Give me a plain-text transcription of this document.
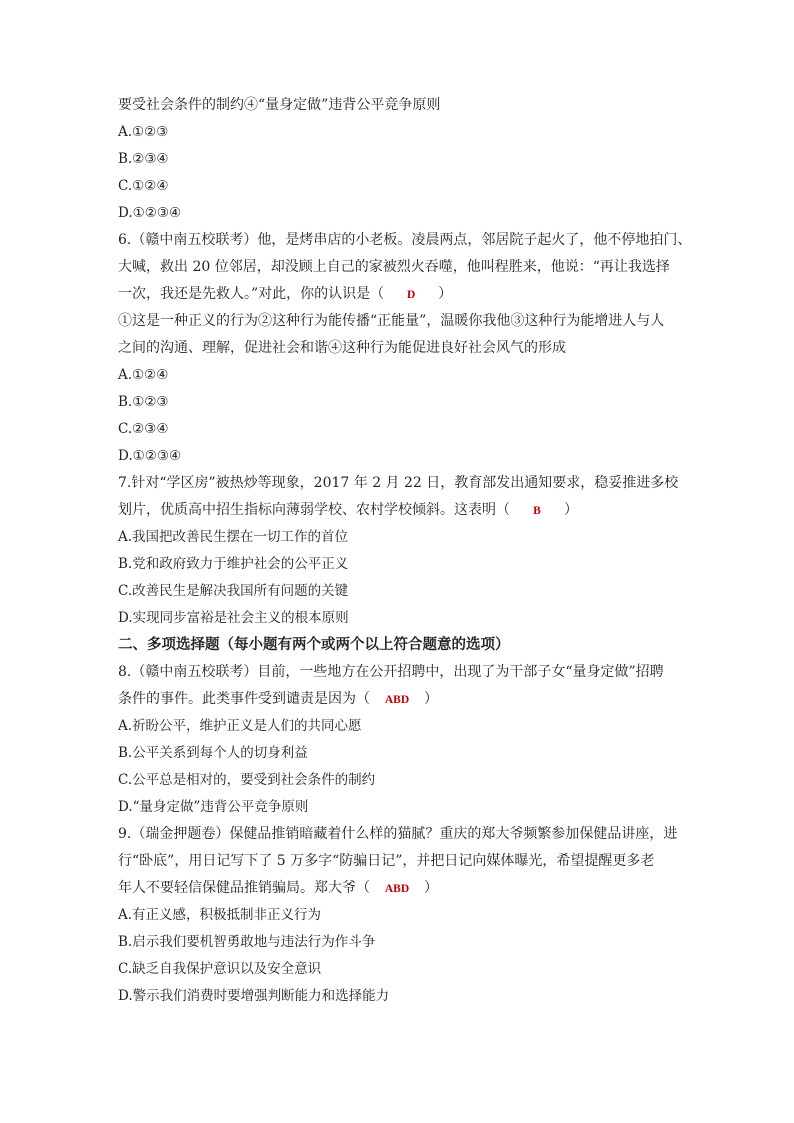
要受社会条件的制约④“量身定做”违背公平竞争原则
A.①②③
B.②③④
C.①②④
D.①②③④
6.（赣中南五校联考）他，是烤串店的小老板。凌晨两点，邻居院子起火了，他不停地拍门、
大喊，救出 20 位邻居，却没顾上自己的家被烈火吞噬，他叫程胜来，他说：“再让我选择
一次，我还是先救人。”对此，你的认识是（ D ）
①这是一种正义的行为②这种行为能传播“正能量”，温暖你我他③这种行为能增进人与人
之间的沟通、理解，促进社会和谐④这种行为能促进良好社会风气的形成
A.①②④
B.①②③
C.②③④
D.①②③④
7.针对“学区房”被热炒等现象，2017 年 2 月 22 日，教育部发出通知要求，稳妥推进多校
划片，优质高中招生指标向薄弱学校、农村学校倾斜。这表明（ B ）
A.我国把改善民生摆在一切工作的首位
B.党和政府致力于维护社会的公平正义
C.改善民生是解决我国所有问题的关键
D.实现同步富裕是社会主义的根本原则
二、多项选择题（每小题有两个或两个以上符合题意的选项）
8.（赣中南五校联考）目前，一些地方在公开招聘中，出现了为干部子女“量身定做”招聘
条件的事件。此类事件受到谴责是因为（ ABD ）
A.祈盼公平，维护正义是人们的共同心愿
B.公平关系到每个人的切身利益
C.公平总是相对的，要受到社会条件的制约
D.“量身定做”违背公平竞争原则
9.（瑞金押题卷）保健品推销暗藏着什么样的猫腻？重庆的郑大爷频繁参加保健品讲座，进
行“卧底”，用日记写下了 5 万多字“防骗日记”，并把日记向媒体曝光，希望提醒更多老
年人不要轻信保健品推销骗局。郑大爷（ ABD ）
A.有正义感，积极抵制非正义行为
B.启示我们要机智勇敢地与违法行为作斗争
C.缺乏自我保护意识以及安全意识
D.警示我们消费时要增强判断能力和选择能力
